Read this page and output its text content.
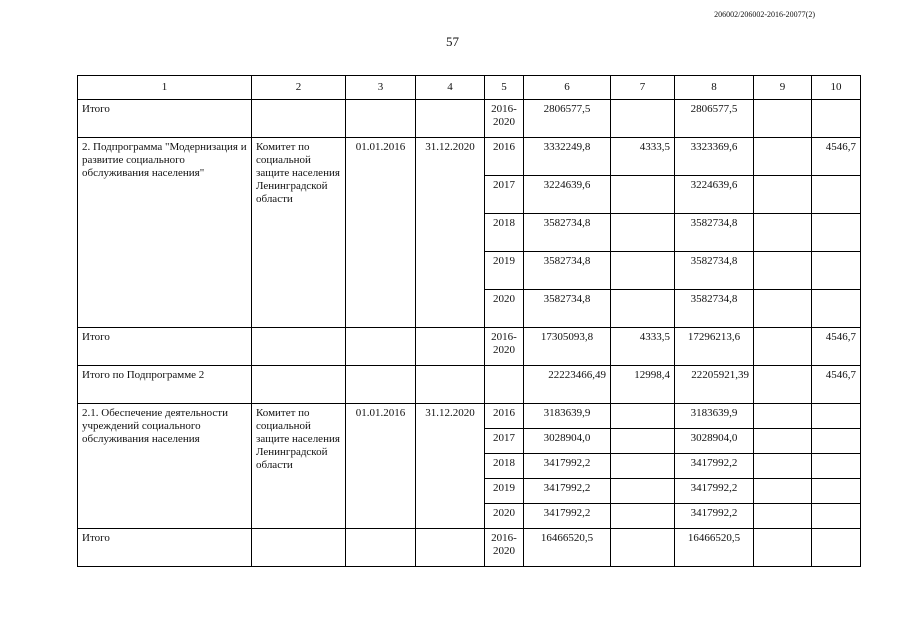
206002/206002-2016-20077(2)
57
1	2	3	4	5	6	7	8	9	10
Итого				2016-2020	2806577,5		2806577,5		
2. Подпрограмма "Модернизация и развитие социального обслуживания населения"	Комитет по социальной защите населения Ленинградской области	01.01.2016	31.12.2020	2016	3332249,8	4333,5	3323369,6		4546,7
				2017	3224639,6		3224639,6		
				2018	3582734,8		3582734,8		
				2019	3582734,8		3582734,8		
				2020	3582734,8		3582734,8		
Итого				2016-2020	17305093,8	4333,5	17296213,6		4546,7
Итого по Подпрограмме 2					22223466,49	12998,4	22205921,39		4546,7
2.1. Обеспечение деятельности учреждений социального обслуживания населения	Комитет по социальной защите населения Ленинградской области	01.01.2016	31.12.2020	2016	3183639,9		3183639,9		
				2017	3028904,0		3028904,0		
				2018	3417992,2		3417992,2		
				2019	3417992,2		3417992,2		
				2020	3417992,2		3417992,2		
Итого				2016-2020	16466520,5		16466520,5		
